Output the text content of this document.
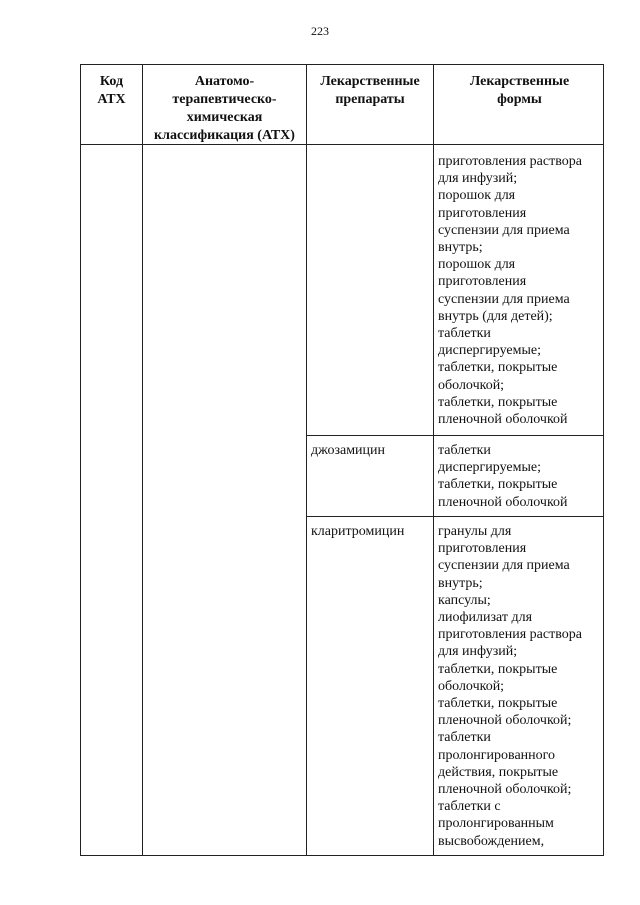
223
Код
АТХ
Анатомо-
терапевтическо-
химическая
классификация (АТХ)
Лекарственные
препараты
Лекарственные
формы
приготовления раствора
для инфузий;
порошок для
приготовления
суспензии для приема
внутрь;
порошок для
приготовления
суспензии для приема
внутрь (для детей);
таблетки
диспергируемые;
таблетки, покрытые
оболочкой;
таблетки, покрытые
пленочной оболочкой
джозамицин	таблетки
диспергируемые;
таблетки, покрытые
пленочной оболочкой
кларитромицин	гранулы для
приготовления
суспензии для приема
внутрь;
капсулы;
лиофилизат для
приготовления раствора
для инфузий;
таблетки, покрытые
оболочкой;
таблетки, покрытые
пленочной оболочкой;
таблетки
пролонгированного
действия, покрытые
пленочной оболочкой;
таблетки с
пролонгированным
высвобождением,
